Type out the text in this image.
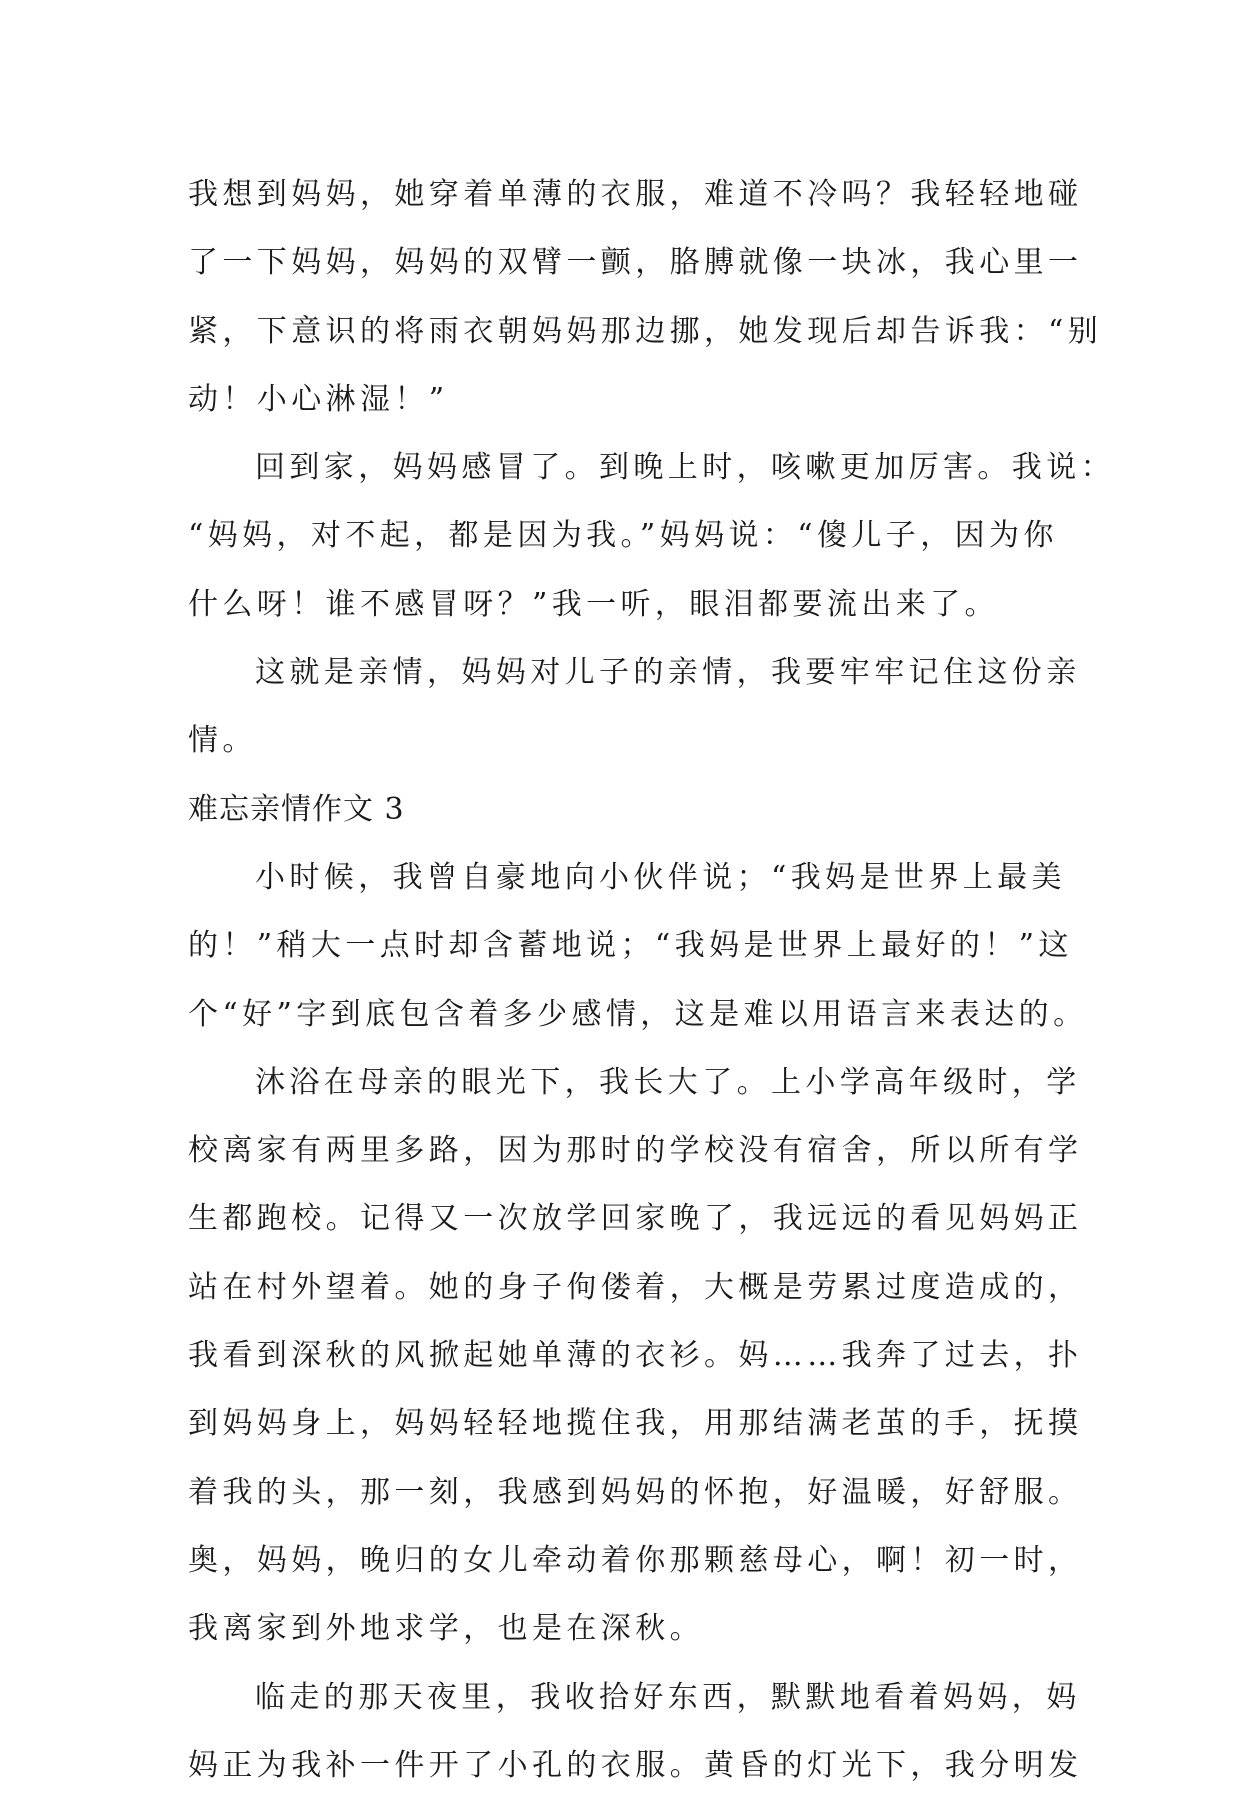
我想到妈妈，她穿着单薄的衣服，难道不冷吗？我轻轻地碰
了一下妈妈，妈妈的双臂一颤，胳膊就像一块冰，我心里一
紧，下意识的将雨衣朝妈妈那边挪，她发现后却告诉我：“别
动！小心淋湿！”
回到家，妈妈感冒了。到晚上时，咳嗽更加厉害。我说：
“妈妈，对不起，都是因为我。”妈妈说：“傻儿子，因为你
什么呀！谁不感冒呀？”我一听，眼泪都要流出来了。
这就是亲情，妈妈对儿子的亲情，我要牢牢记住这份亲
情。
难忘亲情作文 3
小时候，我曾自豪地向小伙伴说；“我妈是世界上最美
的！”稍大一点时却含蓄地说；“我妈是世界上最好的！”这
个“好”字到底包含着多少感情，这是难以用语言来表达的。
沐浴在母亲的眼光下，我长大了。上小学高年级时，学
校离家有两里多路，因为那时的学校没有宿舍，所以所有学
生都跑校。记得又一次放学回家晚了，我远远的看见妈妈正
站在村外望着。她的身子佝偻着，大概是劳累过度造成的，
我看到深秋的风掀起她单薄的衣衫。妈……我奔了过去，扑
到妈妈身上，妈妈轻轻地揽住我，用那结满老茧的手，抚摸
着我的头，那一刻，我感到妈妈的怀抱，好温暖，好舒服。
奥，妈妈，晚归的女儿牵动着你那颗慈母心，啊！初一时，
我离家到外地求学，也是在深秋。
临走的那天夜里，我收拾好东西，默默地看着妈妈，妈
妈正为我补一件开了小孔的衣服。黄昏的灯光下，我分明发
